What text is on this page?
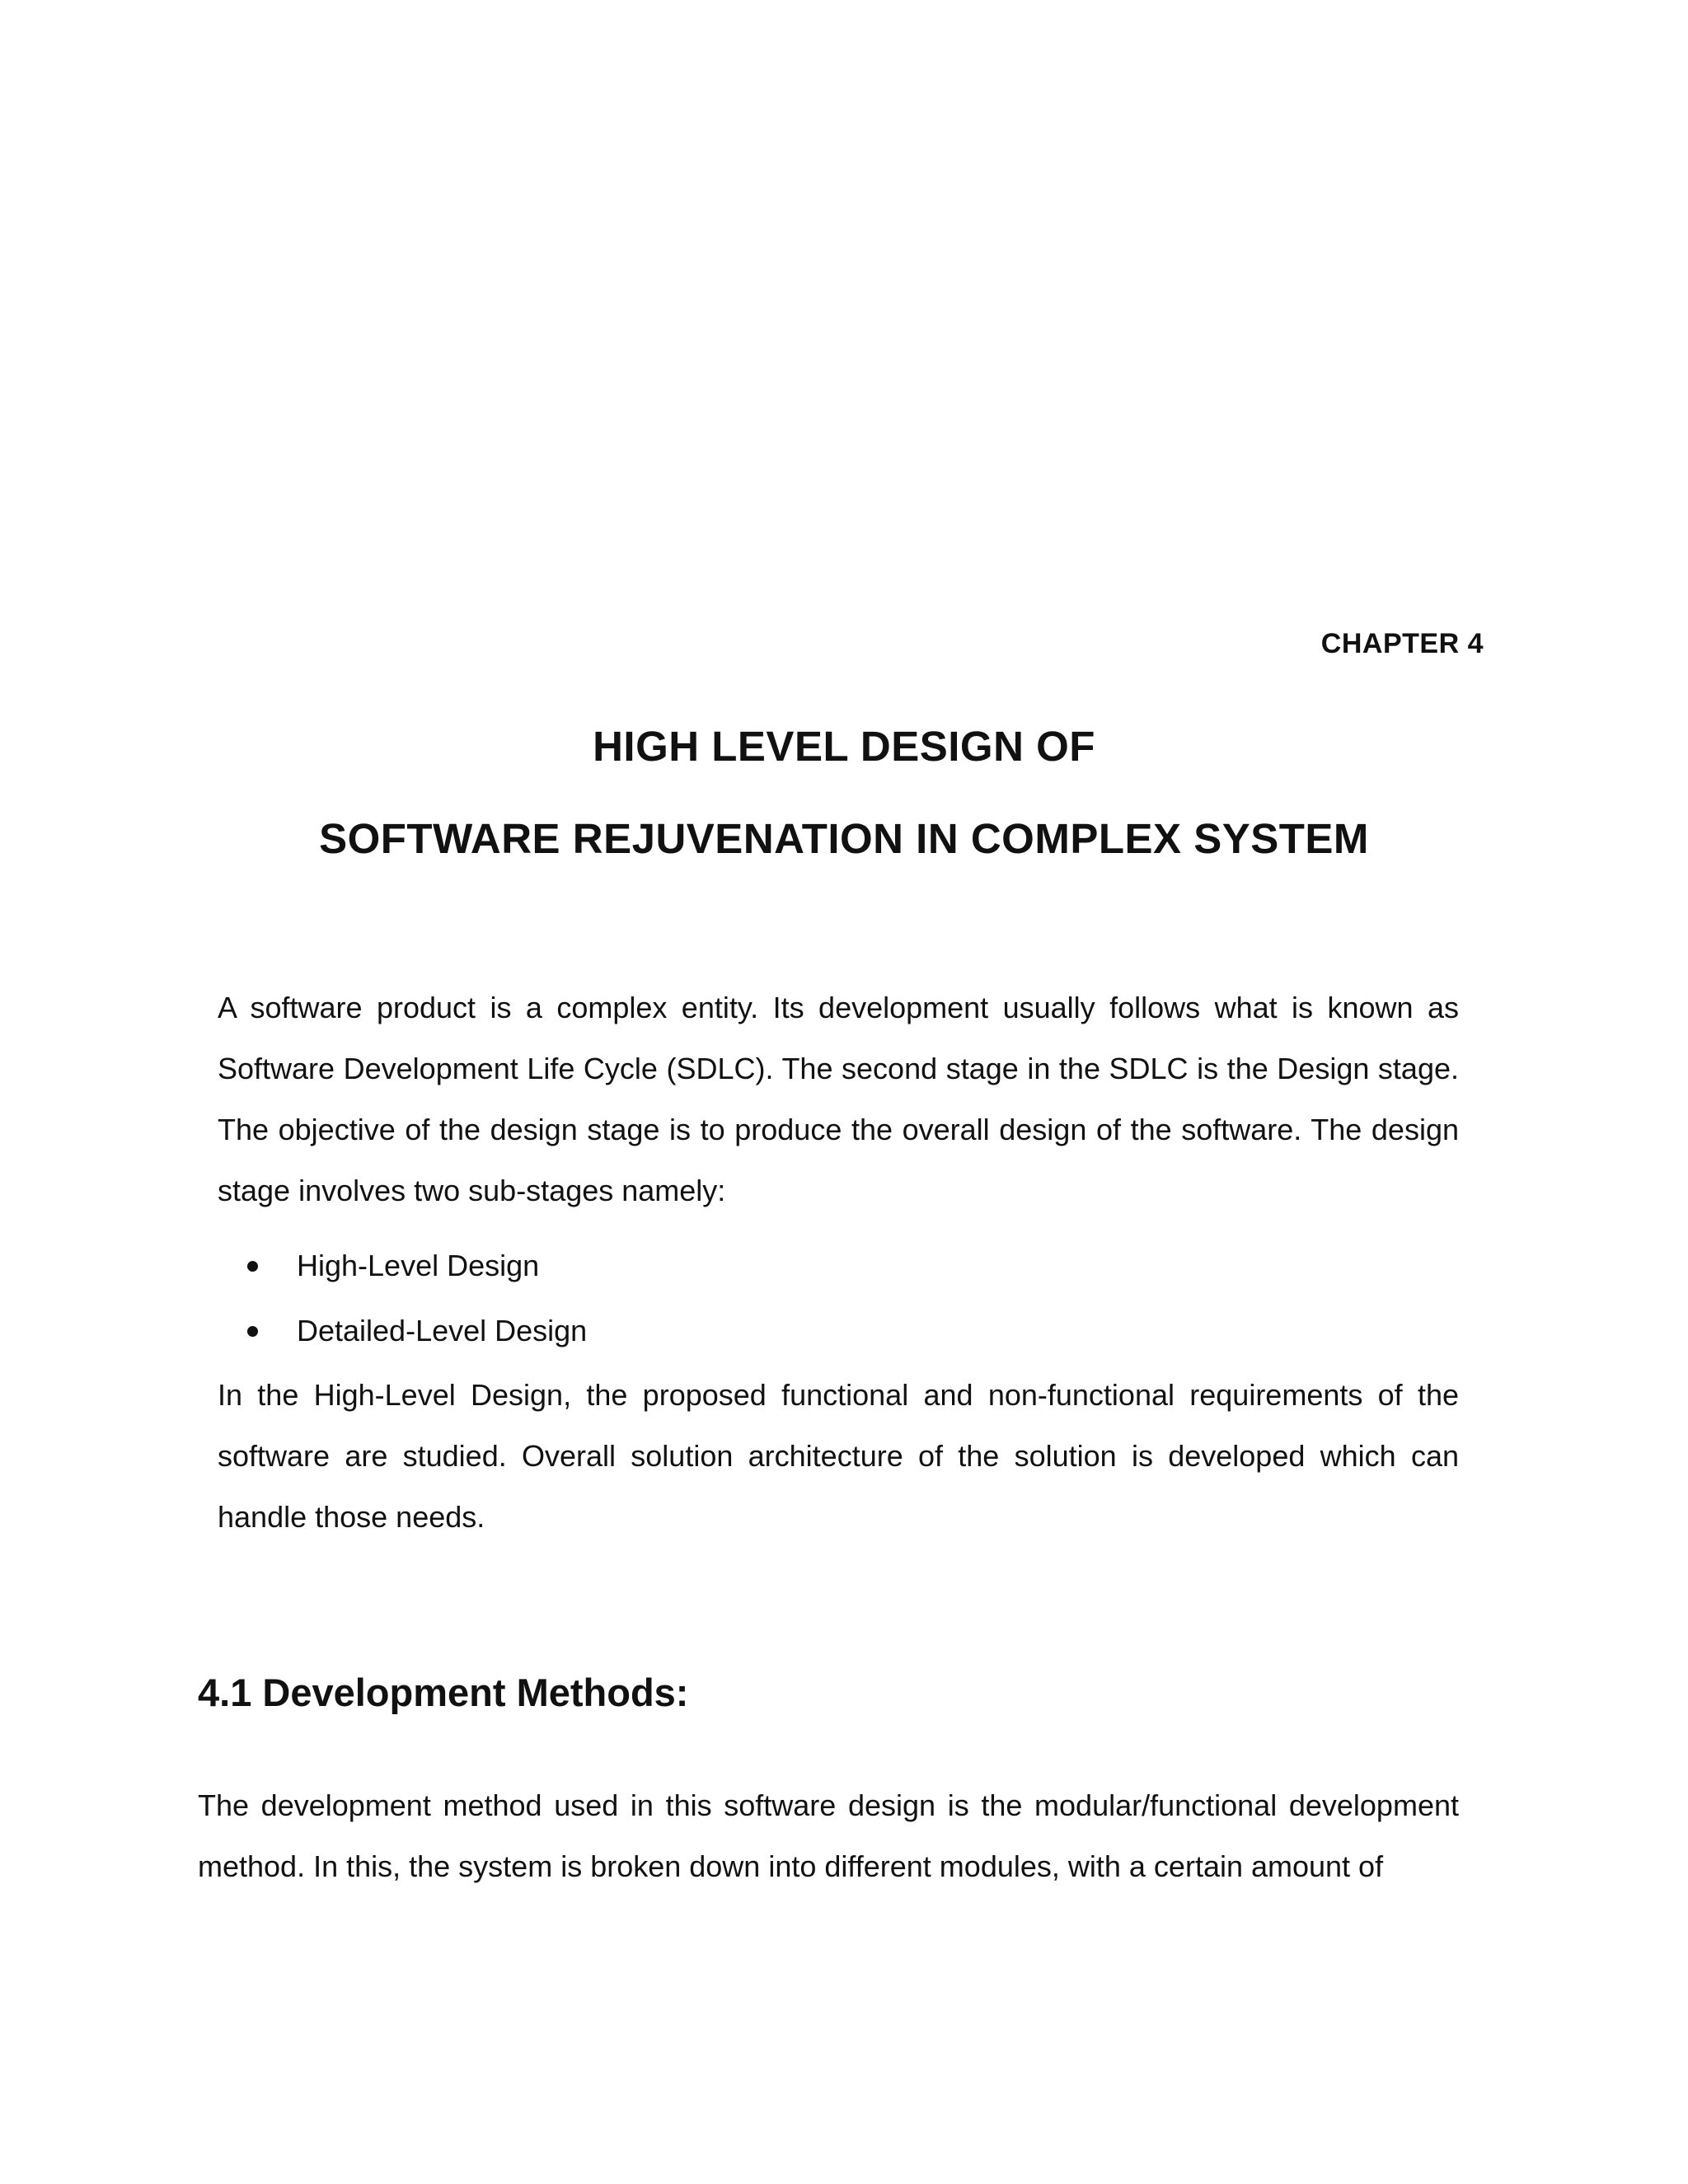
CHAPTER 4
HIGH LEVEL DESIGN OF
SOFTWARE REJUVENATION IN COMPLEX SYSTEM

A software product is a complex entity. Its development usually follows what is known as Software Development Life Cycle (SDLC). The second stage in the SDLC is the Design stage. The objective of the design stage is to produce the overall design of the software. The design stage involves two sub-stages namely:

High-Level Design
Detailed-Level Design

In the High-Level Design, the proposed functional and non-functional requirements of the software are studied. Overall solution architecture of the solution is developed which can handle those needs.

4.1 Development Methods:

The development method used in this software design is the modular/functional development method. In this, the system is broken down into different modules, with a certain amount of
